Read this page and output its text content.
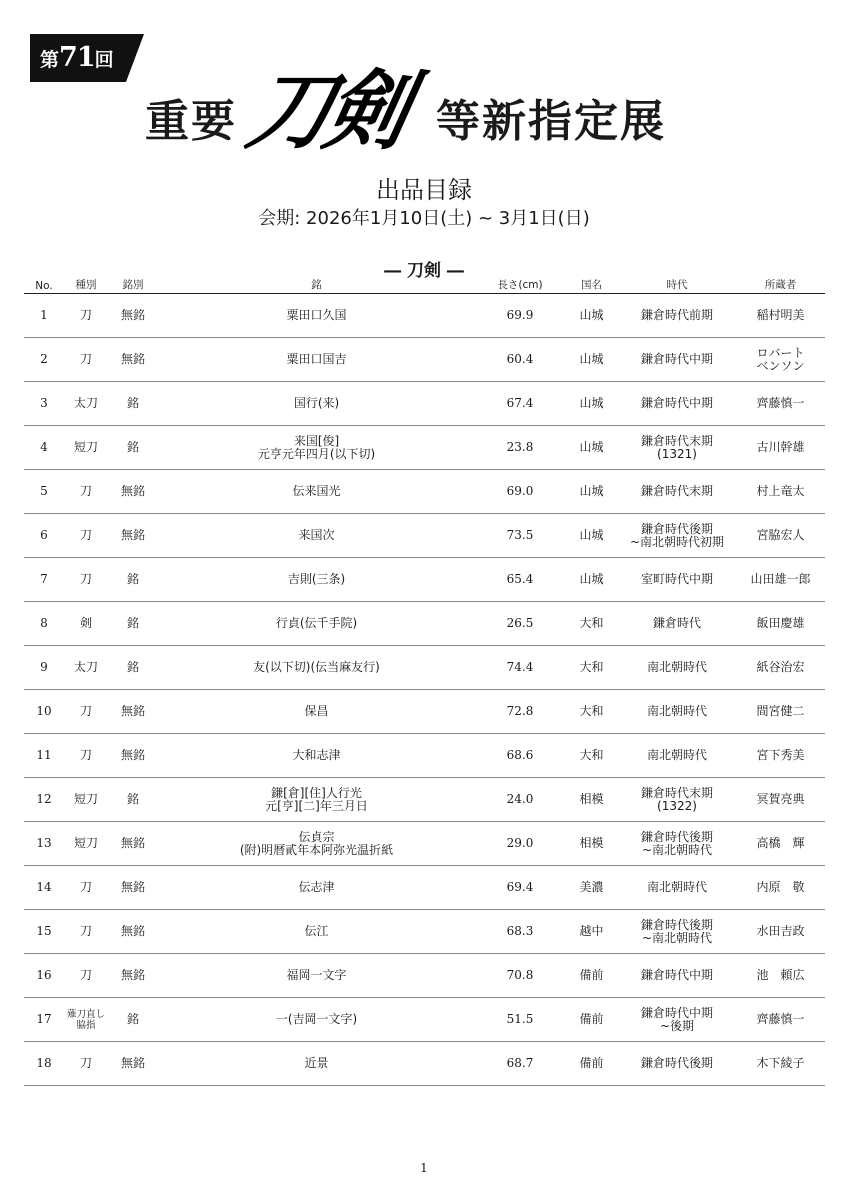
第71回
重要 刀剣 等新指定展
出品目録
会期: 2026年1月10日(土) ~ 3月1日(日)
― 刀剣 ―
No.	種別	銘別	銘	長さ(cm)	国名	時代	所蔵者

1	刀	無銘	粟田口久国	69.9	山城	鎌倉時代前期	稲村明美

2	刀	無銘	粟田口国吉	60.4	山城	鎌倉時代中期	ロバート
ベンソン

3	太刀	銘	国行(来)	67.4	山城	鎌倉時代中期	齊藤慎一

4	短刀	銘	来国[俊]
元亨元年四月(以下切)	23.8	山城	鎌倉時代末期
(1321)	古川幹雄

5	刀	無銘	伝来国光	69.0	山城	鎌倉時代末期	村上竜太

6	刀	無銘	来国次	73.5	山城	鎌倉時代後期
~南北朝時代初期	宮脇宏人

7	刀	銘	吉則(三条)	65.4	山城	室町時代中期	山田雄一郎

8	剣	銘	行貞(伝千手院)	26.5	大和	鎌倉時代	飯田慶雄

9	太刀	銘	友(以下切)(伝当麻友行)	74.4	大和	南北朝時代	紙谷治宏

10	刀	無銘	保昌	72.8	大和	南北朝時代	間宮健二

11	刀	無銘	大和志津	68.6	大和	南北朝時代	宮下秀美

12	短刀	銘	鎌[倉][住]人行光
元[亨][二]年三月日	24.0	相模	鎌倉時代末期
(1322)	冥賀亮典

13	短刀	無銘	伝貞宗
(附)明暦貳年本阿弥光温折紙	29.0	相模	鎌倉時代後期
~南北朝時代	高橋　輝

14	刀	無銘	伝志津	69.4	美濃	南北朝時代	内原　敬

15	刀	無銘	伝江	68.3	越中	鎌倉時代後期
~南北朝時代	水田吉政

16	刀	無銘	福岡一文字	70.8	備前	鎌倉時代中期	池　頼広

17	薙刀直し
脇指	銘	一(吉岡一文字)	51.5	備前	鎌倉時代中期
~後期	齊藤慎一

18	刀	無銘	近景	68.7	備前	鎌倉時代後期	木下綾子
1
